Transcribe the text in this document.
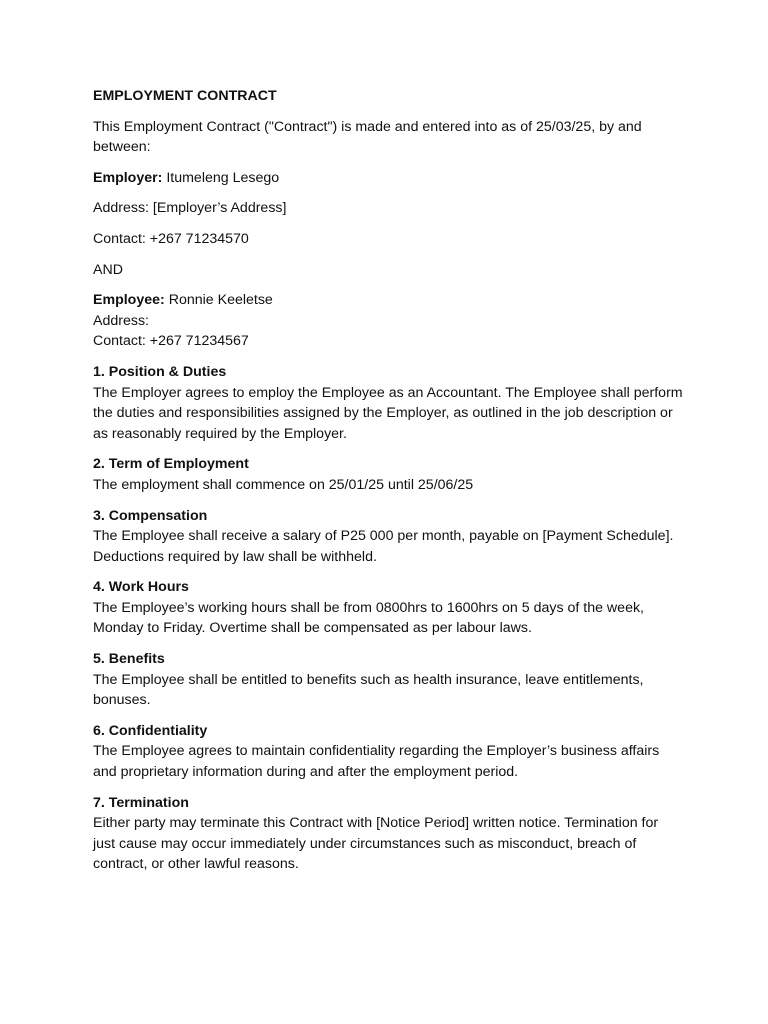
EMPLOYMENT CONTRACT

This Employment Contract ("Contract") is made and entered into as of 25/03/25, by and between:

Employer: Itumeleng Lesego

Address: [Employer’s Address]

Contact: +267 71234570

AND

Employee: Ronnie Keeletse

Address:

Contact: +267 71234567

1. Position & Duties

The Employer agrees to employ the Employee as an Accountant. The Employee shall perform the duties and responsibilities assigned by the Employer, as outlined in the job description or as reasonably required by the Employer.

2. Term of Employment

The employment shall commence on 25/01/25 until 25/06/25

3. Compensation

The Employee shall receive a salary of P25 000 per month, payable on [Payment Schedule]. Deductions required by law shall be withheld.

4. Work Hours

The Employee’s working hours shall be from 0800hrs to 1600hrs on 5 days of the week, Monday to Friday. Overtime shall be compensated as per labour laws.

5. Benefits

The Employee shall be entitled to benefits such as health insurance, leave entitlements, bonuses.

6. Confidentiality

The Employee agrees to maintain confidentiality regarding the Employer’s business affairs and proprietary information during and after the employment period.

7. Termination

Either party may terminate this Contract with [Notice Period] written notice. Termination for just cause may occur immediately under circumstances such as misconduct, breach of contract, or other lawful reasons.
